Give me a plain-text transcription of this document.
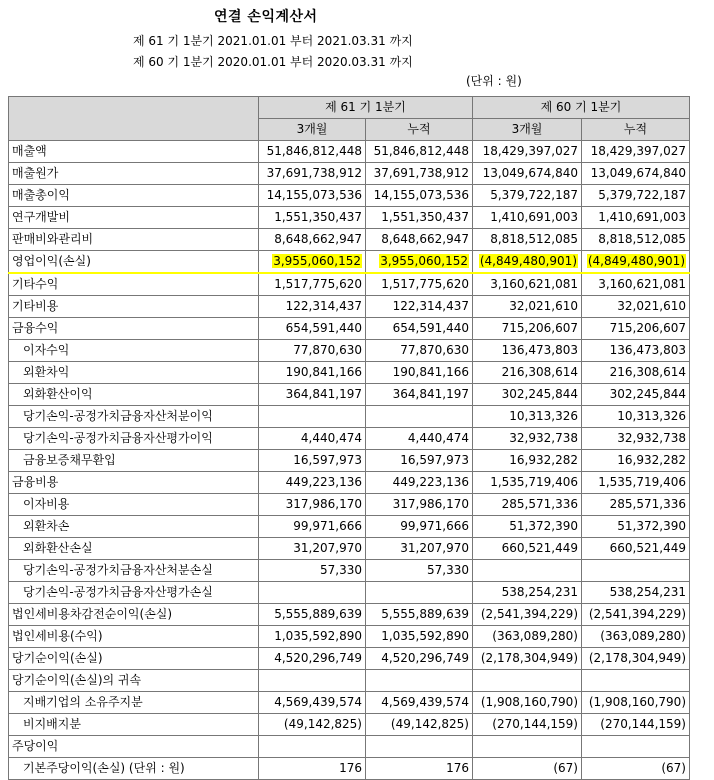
연결 손익계산서
제 61 기 1분기 2021.01.01 부터 2021.03.31 까지
제 60 기 1분기 2020.01.01 부터 2020.03.31 까지
(단위 : 원)
	제 61 기 1분기		제 60 기 1분기	
	3개월	누적	3개월	누적
매출액	51,846,812,448	51,846,812,448	18,429,397,027	18,429,397,027
매출원가	37,691,738,912	37,691,738,912	13,049,674,840	13,049,674,840
매출총이익	14,155,073,536	14,155,073,536	5,379,722,187	5,379,722,187
연구개발비	1,551,350,437	1,551,350,437	1,410,691,003	1,410,691,003
판매비와관리비	8,648,662,947	8,648,662,947	8,818,512,085	8,818,512,085
영업이익(손실)	3,955,060,152	3,955,060,152	(4,849,480,901)	(4,849,480,901)
기타수익	1,517,775,620	1,517,775,620	3,160,621,081	3,160,621,081
기타비용	122,314,437	122,314,437	32,021,610	32,021,610
금융수익	654,591,440	654,591,440	715,206,607	715,206,607
이자수익	77,870,630	77,870,630	136,473,803	136,473,803
외환차익	190,841,166	190,841,166	216,308,614	216,308,614
외화환산이익	364,841,197	364,841,197	302,245,844	302,245,844
당기손익-공정가치금융자산처분이익			10,313,326	10,313,326
당기손익-공정가치금융자산평가이익	4,440,474	4,440,474	32,932,738	32,932,738
금융보증채무환입	16,597,973	16,597,973	16,932,282	16,932,282
금융비용	449,223,136	449,223,136	1,535,719,406	1,535,719,406
이자비용	317,986,170	317,986,170	285,571,336	285,571,336
외환차손	99,971,666	99,971,666	51,372,390	51,372,390
외화환산손실	31,207,970	31,207,970	660,521,449	660,521,449
당기손익-공정가치금융자산처분손실	57,330	57,330		
당기손익-공정가치금융자산평가손실			538,254,231	538,254,231
법인세비용차감전순이익(손실)	5,555,889,639	5,555,889,639	(2,541,394,229)	(2,541,394,229)
법인세비용(수익)	1,035,592,890	1,035,592,890	(363,089,280)	(363,089,280)
당기순이익(손실)	4,520,296,749	4,520,296,749	(2,178,304,949)	(2,178,304,949)
당기순이익(손실)의 귀속				
지배기업의 소유주지분	4,569,439,574	4,569,439,574	(1,908,160,790)	(1,908,160,790)
비지배지분	(49,142,825)	(49,142,825)	(270,144,159)	(270,144,159)
주당이익				
기본주당이익(손실) (단위 : 원)	176	176	(67)	(67)
